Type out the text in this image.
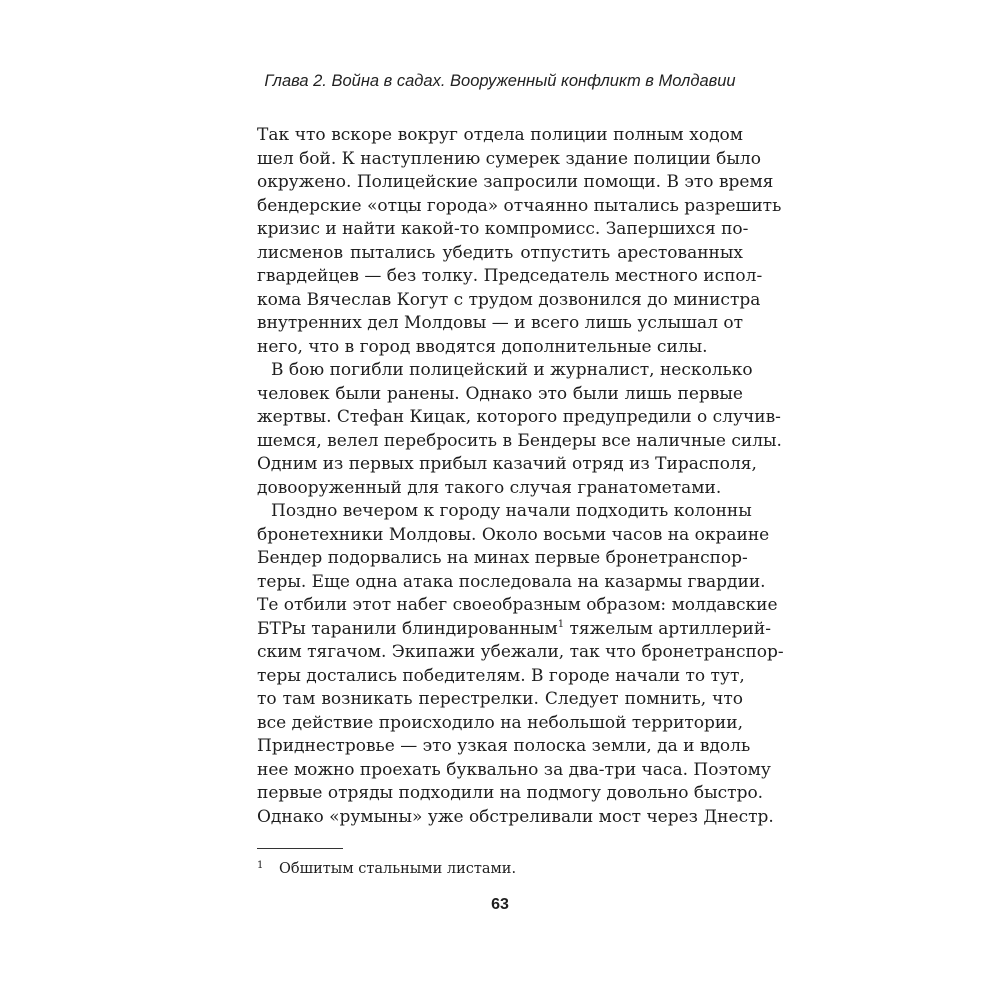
Глава 2. Война в садах. Вооруженный конфликт в Молдавии
Так что вскоре вокруг отдела полиции полным ходом
шел бой. К наступлению сумерек здание полиции было
окружено. Полицейские запросили помощи. В это время
бендерские «отцы города» отчаянно пытались разрешить
кризис и найти какой-то компромисс. Запершихся по-
лисменов пытались убедить отпустить арестованных
гвардейцев — без толку. Председатель местного испол-
кома Вячеслав Когут с трудом дозвонился до министра
внутренних дел Молдовы — и всего лишь услышал от
него, что в город вводятся дополнительные силы.
В бою погибли полицейский и журналист, несколько
человек были ранены. Однако это были лишь первые
жертвы. Стефан Кицак, которого предупредили о случив-
шемся, велел перебросить в Бендеры все наличные силы.
Одним из первых прибыл казачий отряд из Тирасполя,
довооруженный для такого случая гранатометами.
Поздно вечером к городу начали подходить колонны
бронетехники Молдовы. Около восьми часов на окраине
Бендер подорвались на минах первые бронетранспор-
теры. Еще одна атака последовала на казармы гвардии.
Те отбили этот набег своеобразным образом: молдавские
БТРы таранили блиндированным$^1$ тяжелым артиллерий-
ским тягачом. Экипажи убежали, так что бронетранспор-
теры достались победителям. В городе начали то тут,
то там возникать перестрелки. Следует помнить, что
все действие происходило на небольшой территории,
Приднестровье — это узкая полоска земли, да и вдоль
нее можно проехать буквально за два-три часа. Поэтому
первые отряды подходили на подмогу довольно быстро.
Однако «румыны» уже обстреливали мост через Днестр.
1 Обшитым стальными листами.
63
